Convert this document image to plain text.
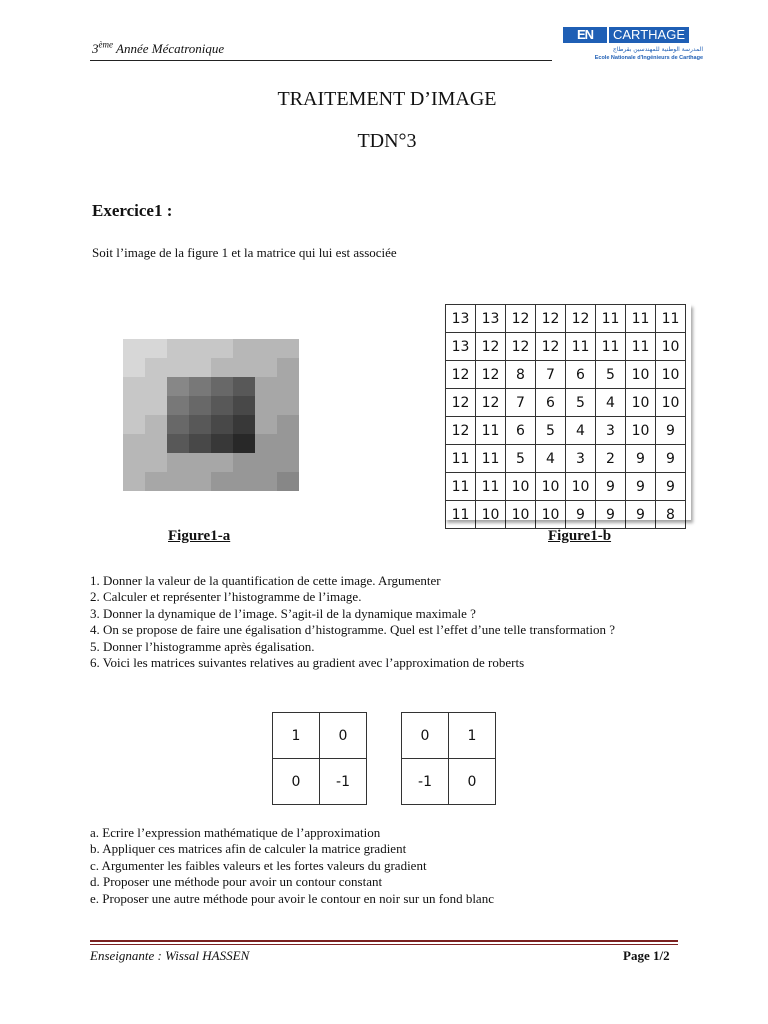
3ème Année Mécatronique
EN	CARTHAGE
المدرسة الوطنية للمهندسين بقرطاج
Ecole Nationale d'Ingénieurs de Carthage
TRAITEMENT D’IMAGE
TDN°3
Exercice1 :
Soit l’image de la figure 1 et la matrice qui lui est associée
Figure1-a
13	13	12	12	12	11	11	11
13	12	12	12	11	11	11	10
12	12	8	7	6	5	10	10
12	12	7	6	5	4	10	10
12	11	6	5	4	3	10	9
11	11	5	4	3	2	9	9
11	11	10	10	10	9	9	9
11	10	10	10	9	9	9	8
Figure1-b

1. Donner la valeur de la quantification de cette image. Argumenter

2. Calculer et représenter l’histogramme de l’image.

3. Donner la dynamique de l’image. S’agit-il de la dynamique maximale ?

4. On se propose de faire une égalisation d’histogramme. Quel est l’effet d’une telle transformation ?

5. Donner l’histogramme après égalisation.

6. Voici les matrices suivantes relatives au gradient avec l’approximation de roberts

1	0
0	-1
0	1
-1	0

a. Ecrire l’expression mathématique de l’approximation

b. Appliquer ces matrices afin de calculer la matrice gradient

c. Argumenter les faibles valeurs et les fortes valeurs du gradient

d. Proposer une méthode pour avoir un contour constant

e. Proposer une autre méthode pour avoir le contour en noir sur un fond blanc

Enseignante : Wissal HASSEN	Page 1/2
